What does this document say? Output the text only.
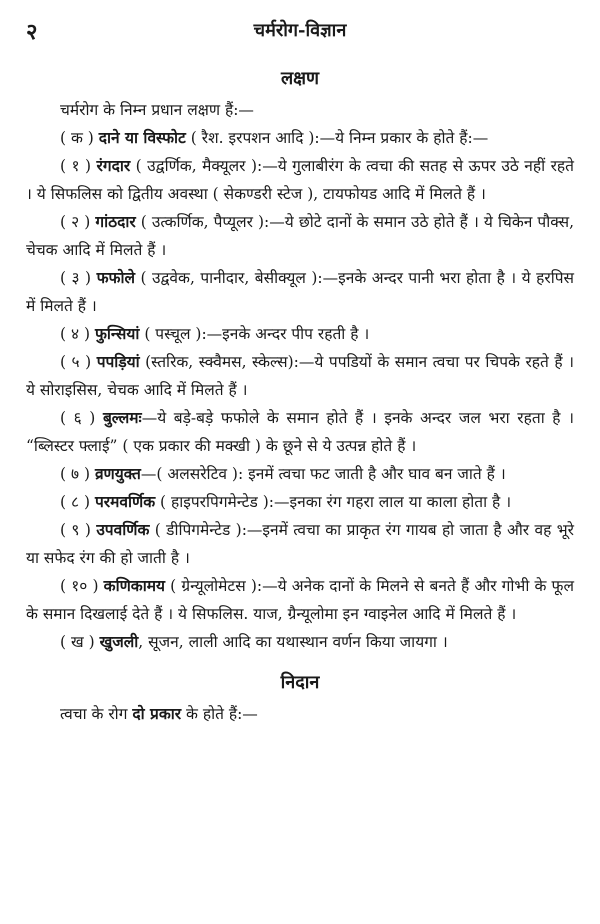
२	चर्मरोग-विज्ञान
लक्षण

चर्मरोग के निम्न प्रधान लक्षण हैं:—

( क ) दाने या विस्फोट ( रैश. इरपशन आदि ):—ये निम्न प्रकार के होते हैं:—

( १ ) रंगदार ( उद्वर्णिक, मैक्यूलर ):—ये गुलाबीरंग के त्वचा की सतह से ऊपर उठे नहीं रहते । ये सिफलिस को द्वितीय अवस्था ( सेकण्डरी स्टेज ), टायफोयड आदि में मिलते हैं ।

( २ ) गांठदार ( उत्कर्णिक, पैप्यूलर ):—ये छोटे दानों के समान उठे होते हैं । ये चिकेन पौक्स, चेचक आदि में मिलते हैं ।

( ३ ) फफोले ( उद्ववेक, पानीदार, बेसीक्यूल ):—इनके अन्दर पानी भरा होता है । ये हरपिस में मिलते हैं ।

( ४ ) फुन्सियां ( पस्चूल ):—इनके अन्दर पीप रहती है ।

( ५ ) पपड़ियां (स्तरिक, स्क्वैमस, स्केल्स):—ये पपडियों के समान त्वचा पर चिपके रहते हैं । ये सोराइसिस, चेचक आदि में मिलते हैं ।

( ६ ) बुल्लमः—ये बड़े-बड़े फफोले के समान होते हैं । इनके अन्दर जल भरा रहता है । “ब्लिस्टर फ्लाई” ( एक प्रकार की मक्खी ) के छूने से ये उत्पन्न होते हैं ।

( ७ ) व्रणयुक्त—( अलसरेटिव ): इनमें त्वचा फट जाती है और घाव बन जाते हैं ।

( ८ ) परमवर्णिक ( हाइपरपिगमेन्टेड ):—इनका रंग गहरा लाल या काला होता है ।

( ९ ) उपवर्णिक ( डीपिगमेन्टेड ):—इनमें त्वचा का प्राकृत रंग गायब हो जाता है और वह भूरे या सफेद रंग की हो जाती है ।

( १० ) कणिकामय ( ग्रेन्यूलोमेटस ):—ये अनेक दानों के मिलने से बनते हैं और गोभी के फूल के समान दिखलाई देते हैं । ये सिफलिस. याज, ग्रैन्यूलोमा इन ग्वाइनेल आदि में मिलते हैं ।

( ख ) खुजली, सूजन, लाली आदि का यथास्थान वर्णन किया जायगा ।

निदान

त्वचा के रोग दो प्रकार के होते हैं:—
